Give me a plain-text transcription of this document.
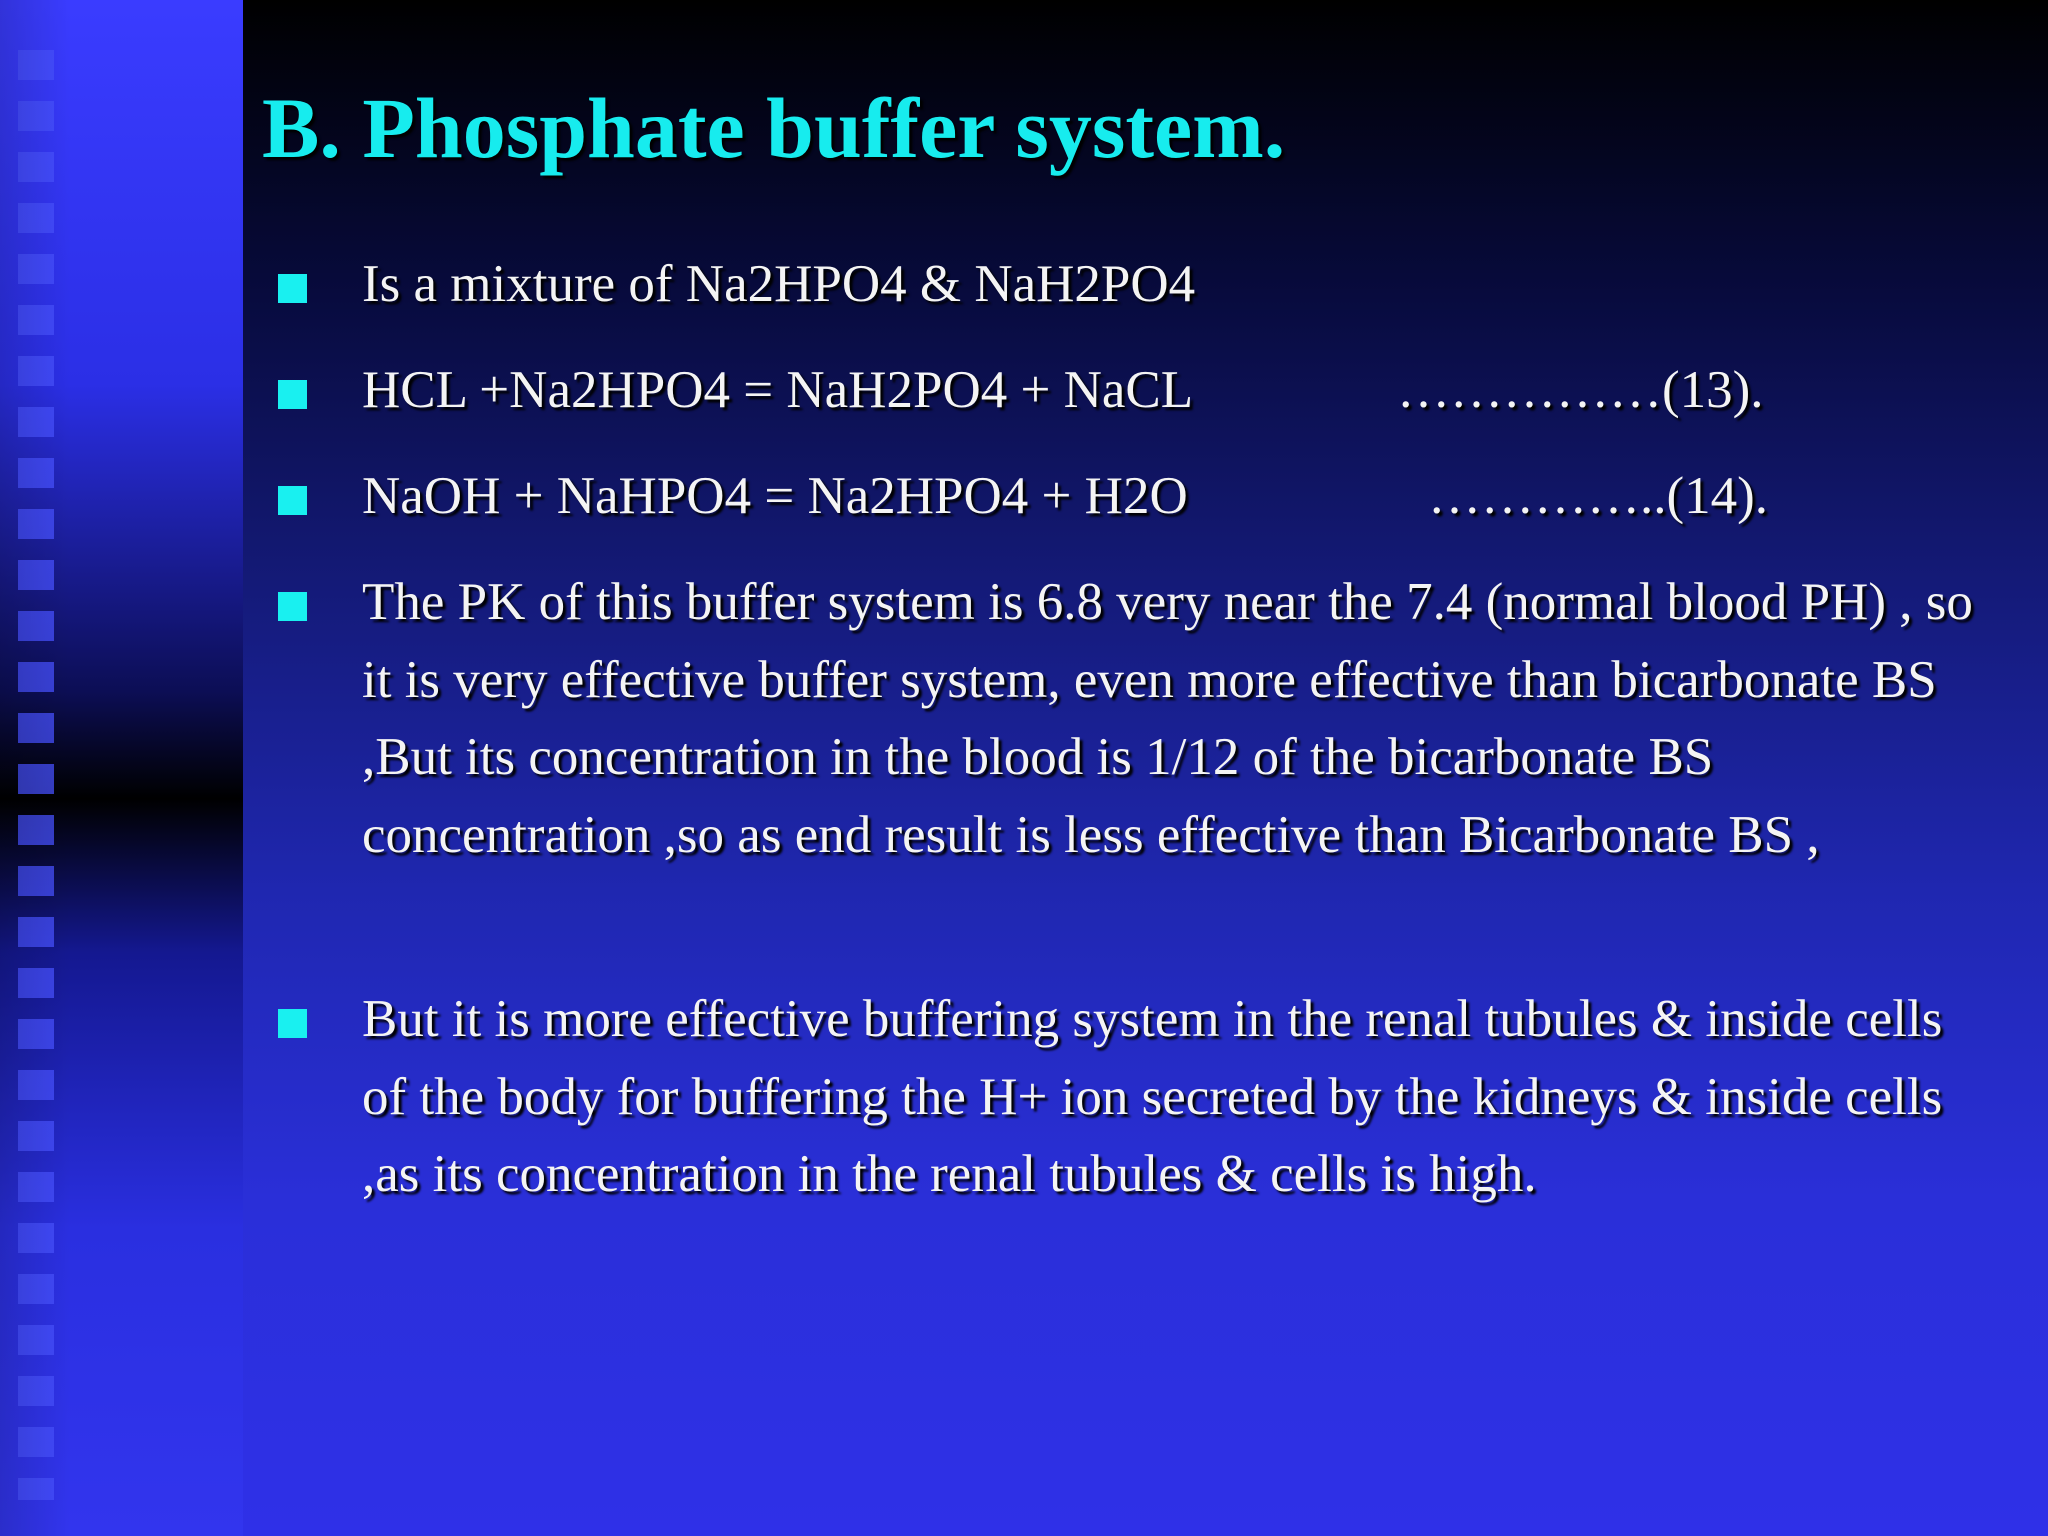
B. Phosphate buffer system.
Is a mixture of Na2HPO4 & NaH2PO4
HCL +Na2HPO4 = NaH2PO4 + NaCL	……………(13).
NaOH + NaHPO4 = Na2HPO4 + H2O	…………..(14).

The PK of this buffer system is 6.8 very near the 7.4 (normal blood PH) , so it is very effective buffer system, even more effective than bicarbonate BS ,But its concentration in the blood is 1/12 of the bicarbonate BS concentration ,so as end result is less effective than Bicarbonate BS ,

But it is more effective buffering system in the renal tubules & inside cells of the body for buffering the H+ ion secreted by the kidneys & inside cells ,as its concentration in the renal tubules & cells is high.
